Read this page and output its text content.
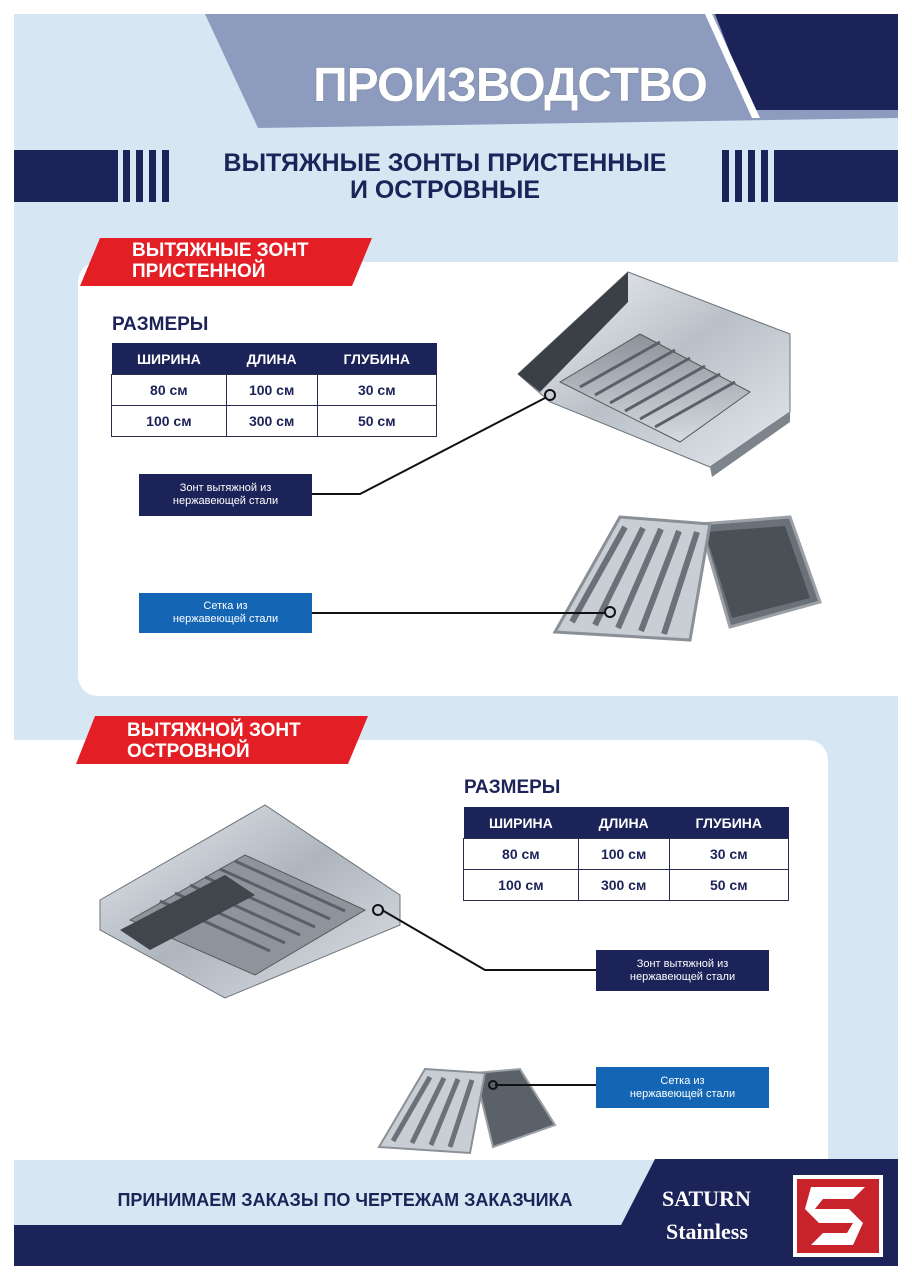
ПРОИЗВОДСТВО
ВЫТЯЖНЫЕ ЗОНТЫ ПРИСТЕННЫЕ
И ОСТРОВНЫЕ
ВЫТЯЖНЫЕ ЗОНТ
ПРИСТЕННОЙ
РАЗМЕРЫ
ШИРИНА	ДЛИНА	ГЛУБИНА
80 см	100 см	30 см
100 см	300 см	50 см
Зонт вытяжной из
нержавеющей стали
Сетка из
нержавеющей стали
ВЫТЯЖНОЙ ЗОНТ
ОСТРОВНОЙ
РАЗМЕРЫ
ШИРИНА	ДЛИНА	ГЛУБИНА
80 см	100 см	30 см
100 см	300 см	50 см
Зонт вытяжной из
нержавеющей стали
Сетка из
нержавеющей стали
ПРИНИМАЕМ ЗАКАЗЫ ПО ЧЕРТЕЖАМ ЗАКАЗЧИКА	SATURN
Stainless
